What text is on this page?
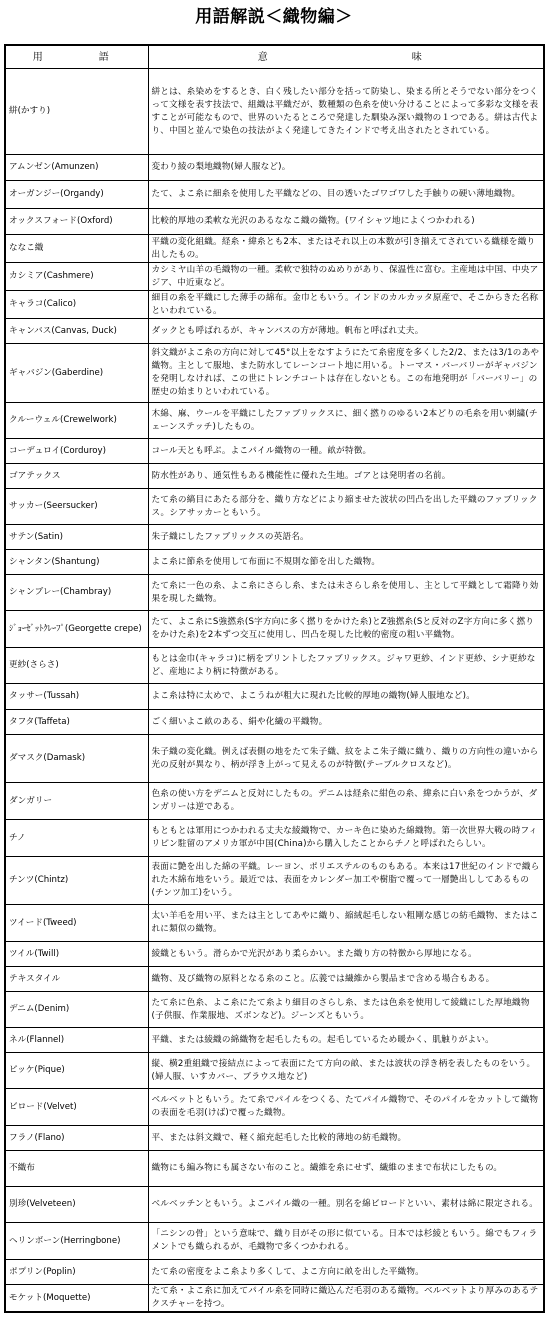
用語解説＜織物編＞
用　　語	意　　　　　　味
絣(かすり)	絣とは、糸染めをするとき、白く残したい部分を括って防染し、染まる所とそうでない部分をつくって文様を表す技法で、組織は平織だが、数種類の色糸を使い分けることによって多彩な文様を表すことが可能なもので、世界のいたるところで発達した馴染み深い織物の１つである。絣は古代より、中国と並んで染色の技法がよく発達してきたインドで考え出されたとされている。
アムンゼン(Amunzen)	変わり綾の梨地織物(婦人服など)。
オーガンジー(Organdy)	たて、よこ糸に細糸を使用した平織などの、目の透いたゴワゴワした手触りの硬い薄地織物。
オックスフォード(Oxford)	比較的厚地の柔軟な光沢のあるななこ織の織物。(ワイシャツ地によくつかわれる)
ななこ織	平織の変化組織。経糸・緯糸とも2本、またはそれ以上の本数が引き揃えてされている織様を織り出したもの。
カシミア(Cashmere)	カシミヤ山羊の毛織物の一種。柔軟で独特のぬめりがあり、保温性に富む。主産地は中国、中央アジア、中近東など。
キャラコ(Calico)	細目の糸を平織にした薄手の綿布。金巾ともいう。インドのカルカッタ原産で、そこからきた名称といわれている。
キャンバス(Canvas, Duck)	ダックとも呼ばれるが、キャンバスの方が薄地。帆布と呼ばれ丈夫。
ギャバジン(Gaberdine)	斜文織がよこ糸の方向に対して45°以上をなすようにたて糸密度を多くした2/2、または3/1のあや織物。主として服地、また防水してレーンコート地に用いる。トーマス・バーバリーがギャバジンを発明しなければ、この世にトレンチコートは存在しないとも。この布地発明が「バーバリー」の歴史の始まりといわれている。
クルーウェル(Crewelwork)	木綿、麻、ウールを平織にしたファブリックスに、細く撚りのゆるい2本どりの毛糸を用い刺繍(チェーンステッチ)したもの。
コーデュロイ(Corduroy)	コール天とも呼ぶ。よこパイル織物の一種。畝が特徴。
ゴアテックス	防水性があり、通気性もある機能性に優れた生地。ゴアとは発明者の名前。
サッカー(Seersucker)	たて糸の縞目にあたる部分を、織り方などにより縮ませた波状の凹凸を出した平織のファブリックス。シアサッカーともいう。
サテン(Satin)	朱子織にしたファブリックスの英語名。
シャンタン(Shantung)	よこ糸に節糸を使用して布面に不規則な節を出した織物。
シャンブレー(Chambray)	たて糸に一色の糸、よこ糸にさらし糸、または未さらし糸を使用し、主として平織として霜降り効果を現した織物。
ｼﾞｮｰｾﾞｯﾄｸﾚｰﾌﾟ(Georgette crepe)	たて、よこ糸にS強撚糸(S字方向に多く撚りをかけた糸)とZ強撚糸(Sと反対のZ字方向に多く撚りをかけた糸)を2本ずつ交互に使用し、凹凸を現した比較的密度の粗い平織物。
更紗(さらさ)	もとは金巾(キャラコ)に柄をプリントしたファブリックス。ジャワ更紗、インド更紗、シナ更紗など、産地により柄に特徴がある。
タッサー(Tussah)	よこ糸は特に太めで、よこうねが粗大に現れた比較的厚地の織物(婦人服地など)。
タフタ(Taffeta)	ごく細いよこ畝のある、絹や化繊の平織物。
ダマスク(Damask)	朱子織の変化織。例えば表側の地をたて朱子織、紋をよこ朱子織に織り、織りの方向性の違いから光の反射が異なり、柄が浮き上がって見えるのが特徴(テーブルクロスなど)。
ダンガリー	色糸の使い方をデニムと反対にしたもの。デニムは経糸に紺色の糸、緯糸に白い糸をつかうが、ダンガリーは逆である。
チノ	もともとは軍用につかわれる丈夫な綾織物で、カーキ色に染めた綿織物。第一次世界大戦の時フィリピン駐留のアメリカ軍が中国(China)から購入したことからチノと呼ばれたらしい。
チンツ(Chintz)	表面に艶を出した綿の平織。レーヨン、ポリエステルのものもある。本来は17世紀のインドで織られた木綿布地をいう。最近では、表面をカレンダー加工や樹脂で覆って一層艶出ししてあるもの(チンツ加工)をいう。
ツイード(Tweed)	太い羊毛を用い平、または主としてあやに織り、縮絨起毛しない粗剛な感じの紡毛織物、またはこれに類似の織物。
ツイル(Twill)	綾織ともいう。滑らかで光沢があり柔らかい。また織り方の特徴から厚地になる。
テキスタイル	織物、及び織物の原料となる糸のこと。広義では繊維から製品まで含める場合もある。
デニム(Denim)	たて糸に色糸、よこ糸にたて糸より細目のさらし糸、または色糸を使用して綾織にした厚地織物(子供服、作業服地、ズボンなど)。ジーンズともいう。
ネル(Flannel)	平織、または綾織の綿織物を起毛したもの。起毛しているため暖かく、肌触りがよい。
ピッケ(Pique)	縦、横2重組織で接結点によって表面にたて方向の畝、または波状の浮き柄を表したものをいう。(婦人服、いすカバー、ブラウス地など)
ビロード(Velvet)	ベルベットともいう。たて糸でパイルをつくる、たてパイル織物で、そのパイルをカットして織物の表面を毛羽(けば)で覆った織物。
フラノ(Flano)	平、または斜文織で、軽く縮充起毛した比較的薄地の紡毛織物。
不織布	織物にも編み物にも属さない布のこと。繊維を糸にせず、繊維のままで布状にしたもの。
別珍(Velveteen)	ベルベッチンともいう。よこパイル織の一種。別名を綿ビロードといい、素材は綿に限定される。
ヘリンボーン(Herringbone)	「ニシンの骨」という意味で、織り目がその形に似ている。日本では杉綾ともいう。綿でもフィラメントでも織られるが、毛織物で多くつかわれる。
ポプリン(Poplin)	たて糸の密度をよこ糸より多くして、よこ方向に畝を出した平織物。
モケット(Moquette)	たて糸・よこ糸に加えてパイル糸を同時に織込んだ毛羽のある織物。ベルベットより厚みのあるテクスチャーを持つ。
